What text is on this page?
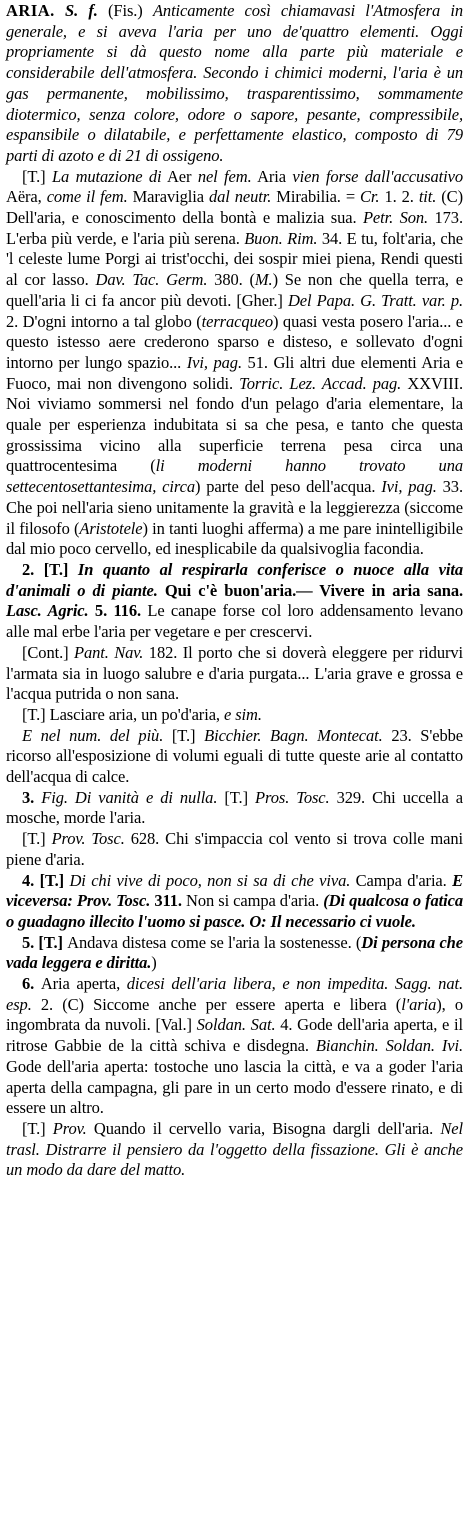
ARIA. S. f. (Fis.) Anticamente così chiamavasi l'Atmosfera in generale, e si aveva l'aria per uno de'quattro elementi. Oggi propriamente si dà questo nome alla parte più materiale e considerabile dell'atmosfera. Secondo i chimici moderni, l'aria è un gas permanente, mobilissimo, trasparentissimo, sommamente diotermico, senza colore, odore o sapore, pesante, compressibile, espansibile o dilatabile, e perfettamente elastico, composto di 79 parti di azoto e di 21 di ossigeno.

[T.] La mutazione di Aer nel fem. Aria vien forse dall'accusativo Aëra, come il fem. Maraviglia dal neutr. Mirabilia. = Cr. 1. 2. tit. (C) Dell'aria, e conoscimento della bontà e malizia sua. Petr. Son. 173. L'erba più verde, e l'aria più serena. Buon. Rim. 34. E tu, folt'aria, che 'l celeste lume Porgi ai trist'occhi, dei sospir miei piena, Rendi questi al cor lasso. Dav. Tac. Germ. 380. (M.) Se non che quella terra, e quell'aria li ci fa ancor più devoti. [Gher.] Del Papa. G. Tratt. var. p. 2. D'ogni intorno a tal globo (terracqueo) quasi vesta posero l'aria... e questo istesso aere crederono sparso e disteso, e sollevato d'ogni intorno per lungo spazio... Ivi, pag. 51. Gli altri due elementi Aria e Fuoco, mai non divengono solidi. Torric. Lez. Accad. pag. XXVIII. Noi viviamo sommersi nel fondo d'un pelago d'aria elementare, la quale per esperienza indubitata si sa che pesa, e tanto che questa grossissima vicino alla superficie terrena pesa circa una quattrocentesima (li moderni hanno trovato una settecentosettantesima, circa) parte del peso dell'acqua. Ivi, pag. 33. Che poi nell'aria sieno unitamente la gravità e la leggierezza (siccome il filosofo (Aristotele) in tanti luoghi afferma) a me pare inintelligibile dal mio poco cervello, ed inesplicabile da qualsivoglia facondia.

2. [T.] In quanto al respirarla conferisce o nuoce alla vita d'animali o di piante. Qui c'è buon'aria.— Vivere in aria sana. Lasc. Agric. 5. 116. Le canape forse col loro addensamento levano alle mal erbe l'aria per vegetare e per crescervi.

[Cont.] Pant. Nav. 182. Il porto che si doverà eleggere per ridurvi l'armata sia in luogo salubre e d'aria purgata... L'aria grave e grossa e l'acqua putrida o non sana.

[T.] Lasciare aria, un po'd'aria, e sim.

E nel num. del più. [T.] Bicchier. Bagn. Montecat. 23. S'ebbe ricorso all'esposizione di volumi eguali di tutte queste arie al contatto dell'acqua di calce.

3. Fig. Di vanità e di nulla. [T.] Pros. Tosc. 329. Chi uccella a mosche, morde l'aria.

[T.] Prov. Tosc. 628. Chi s'impaccia col vento si trova colle mani piene d'aria.

4. [T.] Di chi vive di poco, non si sa di che viva. Campa d'aria. E viceversa: Prov. Tosc. 311. Non si campa d'aria. (Di qualcosa o fatica o guadagno illecito l'uomo si pasce. O: Il necessario ci vuole.

5. [T.] Andava distesa come se l'aria la sostenesse. (Di persona che vada leggera e diritta.)

6. Aria aperta, dicesi dell'aria libera, e non impedita. Sagg. nat. esp. 2. (C) Siccome anche per essere aperta e libera (l'aria), o ingombrata da nuvoli. [Val.] Soldan. Sat. 4. Gode dell'aria aperta, e il ritrose Gabbie de la città schiva e disdegna. Bianchin. Soldan. Ivi. Gode dell'aria aperta: tostoche uno lascia la città, e va a goder l'aria aperta della campagna, gli pare in un certo modo d'essere rinato, e di essere un altro.

[T.] Prov. Quando il cervello varia, Bisogna dargli dell'aria. Nel trasl. Distrarre il pensiero da l'oggetto della fissazione. Gli è anche un modo da dare del matto.
